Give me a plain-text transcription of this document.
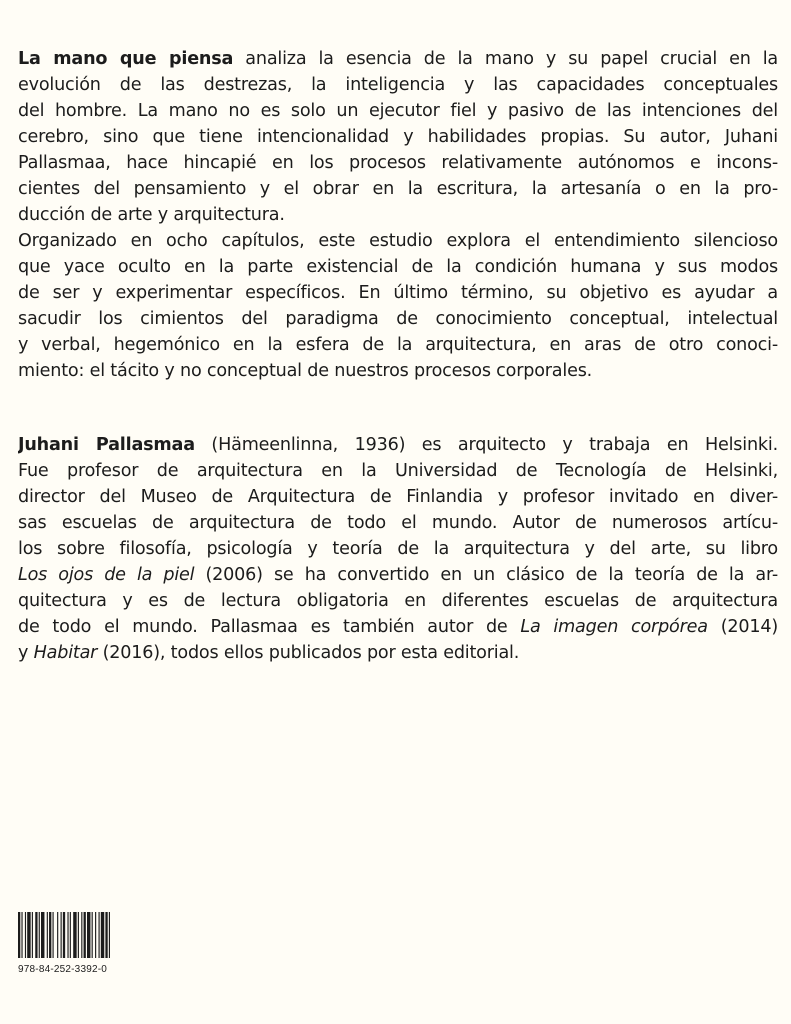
La mano que piensa analiza la esencia de la mano y su papel crucial en la
evolución de las destrezas, la inteligencia y las capacidades conceptuales
del hombre. La mano no es solo un ejecutor fiel y pasivo de las intenciones del
cerebro, sino que tiene intencionalidad y habilidades propias. Su autor, Juhani
Pallasmaa, hace hincapié en los procesos relativamente autónomos e incons-
cientes del pensamiento y el obrar en la escritura, la artesanía o en la pro-
ducción de arte y arquitectura.
Organizado en ocho capítulos, este estudio explora el entendimiento silencioso
que yace oculto en la parte existencial de la condición humana y sus modos
de ser y experimentar específicos. En último término, su objetivo es ayudar a
sacudir los cimientos del paradigma de conocimiento conceptual, intelectual
y verbal, hegemónico en la esfera de la arquitectura, en aras de otro conoci-
miento: el tácito y no conceptual de nuestros procesos corporales.
Juhani Pallasmaa (Hämeenlinna, 1936) es arquitecto y trabaja en Helsinki.
Fue profesor de arquitectura en la Universidad de Tecnología de Helsinki,
director del Museo de Arquitectura de Finlandia y profesor invitado en diver-
sas escuelas de arquitectura de todo el mundo. Autor de numerosos artícu-
los sobre filosofía, psicología y teoría de la arquitectura y del arte, su libro
Los ojos de la piel (2006) se ha convertido en un clásico de la teoría de la ar-
quitectura y es de lectura obligatoria en diferentes escuelas de arquitectura
de todo el mundo. Pallasmaa es también autor de La imagen corpórea (2014)
y Habitar (2016), todos ellos publicados por esta editorial.
978-84-252-3392-0
